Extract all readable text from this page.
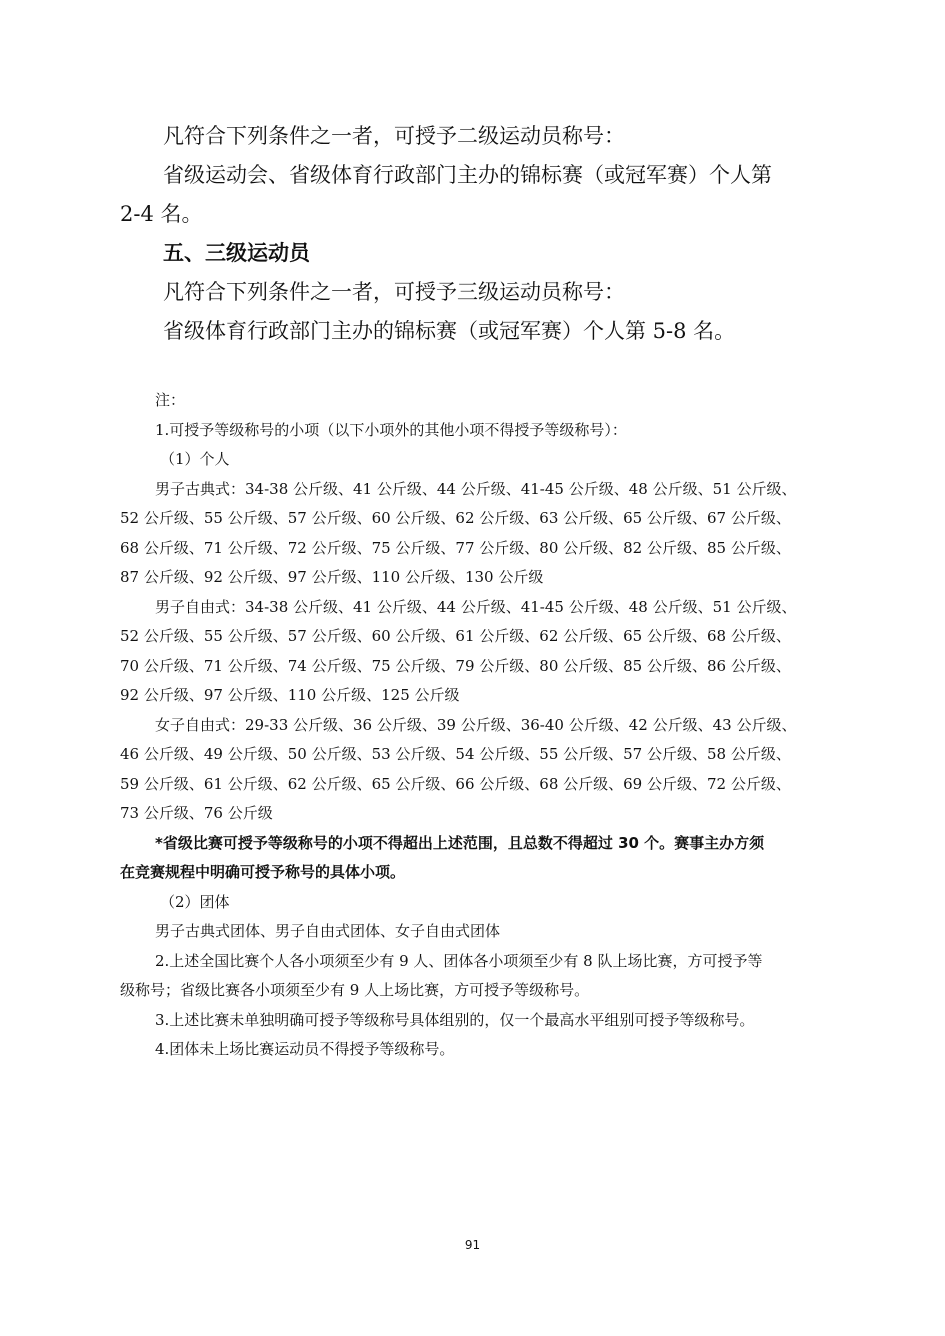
凡符合下列条件之一者，可授予二级运动员称号：
省级运动会、省级体育行政部门主办的锦标赛（或冠军赛）个人第
2-4 名。
五、三级运动员
凡符合下列条件之一者，可授予三级运动员称号：
省级体育行政部门主办的锦标赛（或冠军赛）个人第 5-8 名。
注：
1.可授予等级称号的小项（以下小项外的其他小项不得授予等级称号）：
（1）个人
男子古典式：34-38 公斤级、41 公斤级、44 公斤级、41-45 公斤级、48 公斤级、51 公斤级、
52 公斤级、55 公斤级、57 公斤级、60 公斤级、62 公斤级、63 公斤级、65 公斤级、67 公斤级、
68 公斤级、71 公斤级、72 公斤级、75 公斤级、77 公斤级、80 公斤级、82 公斤级、85 公斤级、
87 公斤级、92 公斤级、97 公斤级、110 公斤级、130 公斤级
男子自由式：34-38 公斤级、41 公斤级、44 公斤级、41-45 公斤级、48 公斤级、51 公斤级、
52 公斤级、55 公斤级、57 公斤级、60 公斤级、61 公斤级、62 公斤级、65 公斤级、68 公斤级、
70 公斤级、71 公斤级、74 公斤级、75 公斤级、79 公斤级、80 公斤级、85 公斤级、86 公斤级、
92 公斤级、97 公斤级、110 公斤级、125 公斤级
女子自由式：29-33 公斤级、36 公斤级、39 公斤级、36-40 公斤级、42 公斤级、43 公斤级、
46 公斤级、49 公斤级、50 公斤级、53 公斤级、54 公斤级、55 公斤级、57 公斤级、58 公斤级、
59 公斤级、61 公斤级、62 公斤级、65 公斤级、66 公斤级、68 公斤级、69 公斤级、72 公斤级、
73 公斤级、76 公斤级
*省级比赛可授予等级称号的小项不得超出上述范围，且总数不得超过 30 个。赛事主办方须
在竞赛规程中明确可授予称号的具体小项。
（2）团体
男子古典式团体、男子自由式团体、女子自由式团体
2.上述全国比赛个人各小项须至少有 9 人、团体各小项须至少有 8 队上场比赛，方可授予等
级称号；省级比赛各小项须至少有 9 人上场比赛，方可授予等级称号。
3.上述比赛未单独明确可授予等级称号具体组别的，仅一个最高水平组别可授予等级称号。
4.团体未上场比赛运动员不得授予等级称号。
91
